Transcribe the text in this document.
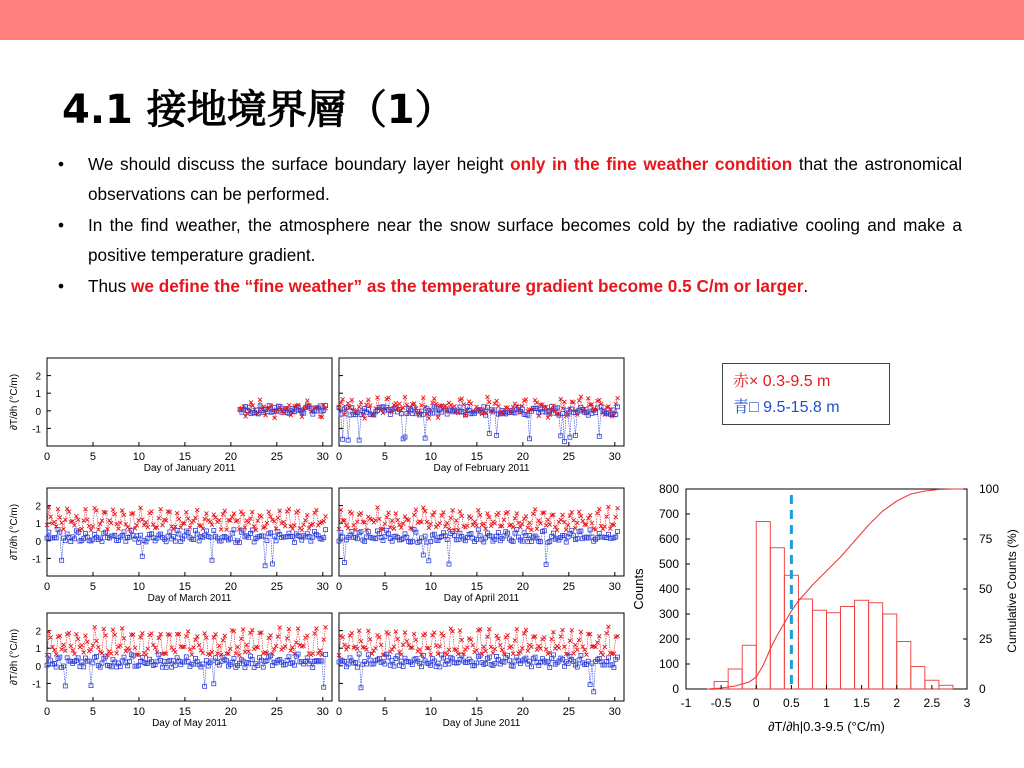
4.1 接地境界層（1）
• We should discuss the surface boundary layer height only in the fine weather condition that the astronomical observations can be performed.
• In the find weather, the atmosphere near the snow surface becomes cold by the radiative cooling and make a positive temperature gradient.
• Thus we define the “fine weather” as the temperature gradient become 0.5 C/m or larger.
0	5	10	15	20	25	30
-1
0
1
2
Day of January 2011
∂T/∂h (°C/m)
0	5	10	15	20	25	30
Day of February 2011
0	5	10	15	20	25	30
-1
0
1
2
Day of March 2011
∂T/∂h (°C/m)
0	5	10	15	20	25	30
Day of April 2011
0	5	10	15	20	25	30
-1
0
1
2
Day of May 2011
∂T/∂h (°C/m)
0	5	10	15	20	25	30
Day of June 2011
赤× 0.3-9.5 m
青□ 9.5-15.8 m
-1 -0.5 0 0.5 1 1.5 2 2.5 3
0
100
200
300
400
500
600
700
800
0
25
50
75
100
Counts	Cumulative Counts (%)
∂T/∂h|0.3-9.5 (°C/m)
